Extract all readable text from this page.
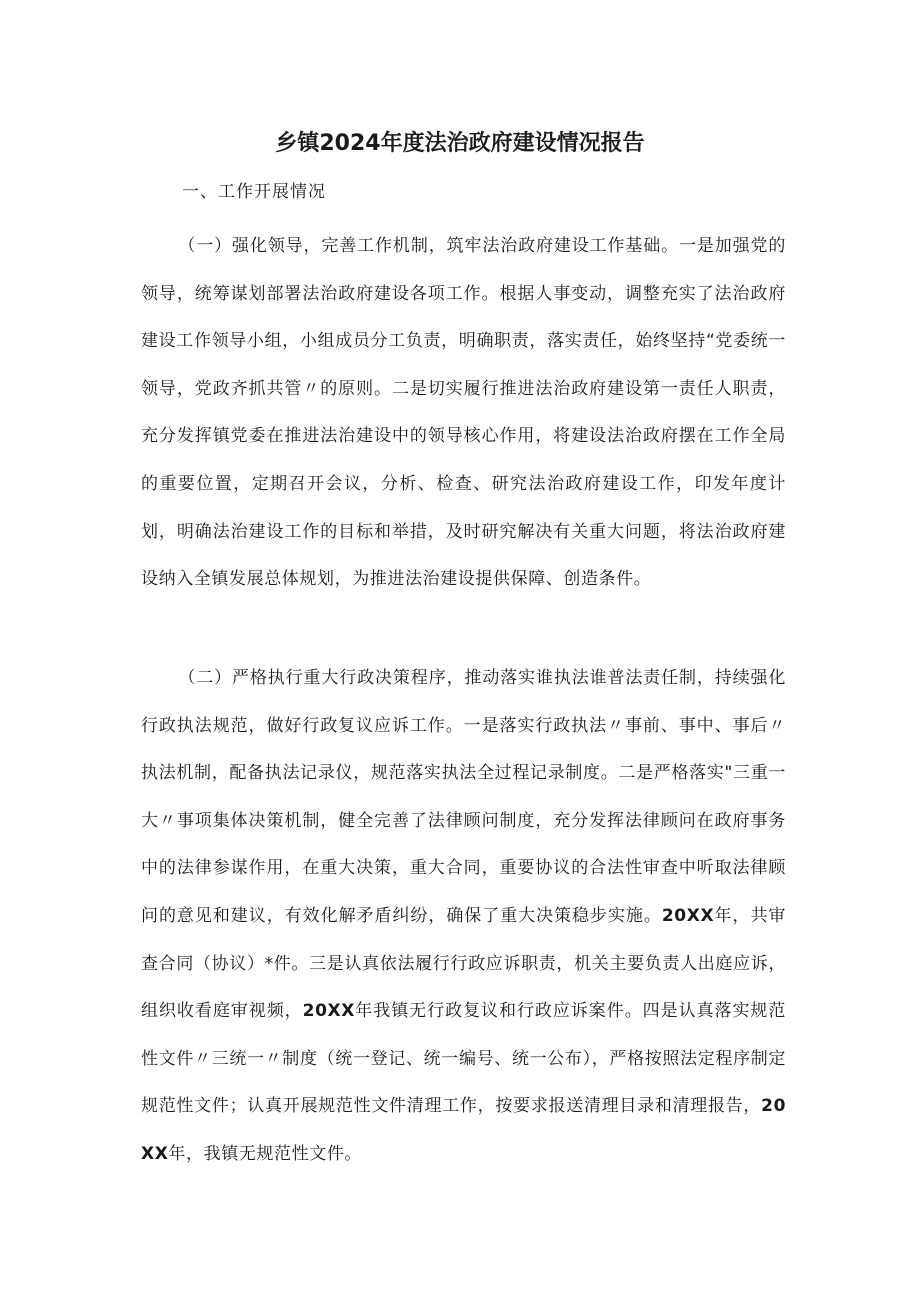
乡镇2024年度法治政府建设情况报告

一、工作开展情况

（一）强化领导，完善工作机制，筑牢法治政府建设工作基础。一是加强党的领导，统筹谋划部署法治政府建设各项工作。根据人事变动，调整充实了法治政府建设工作领导小组，小组成员分工负责，明确职责，落实责任，始终坚持“党委统一领导，党政齐抓共管〃的原则。二是切实履行推进法治政府建设第一责任人职责，充分发挥镇党委在推进法治建设中的领导核心作用，将建设法治政府摆在工作全局的重要位置，定期召开会议，分析、检查、研究法治政府建设工作，印发年度计划，明确法治建设工作的目标和举措，及时研究解决有关重大问题，将法治政府建设纳入全镇发展总体规划，为推进法治建设提供保障、创造条件。

（二）严格执行重大行政决策程序，推动落实谁执法谁普法责任制，持续强化行政执法规范，做好行政复议应诉工作。一是落实行政执法〃事前、事中、事后〃执法机制，配备执法记录仪，规范落实执法全过程记录制度。二是严格落实"三重一大〃事项集体决策机制，健全完善了法律顾问制度，充分发挥法律顾问在政府事务中的法律参谋作用，在重大决策，重大合同，重要协议的合法性审查中听取法律顾问的意见和建议，有效化解矛盾纠纷，确保了重大决策稳步实施。20XX年，共审查合同（协议）*件。三是认真依法履行行政应诉职责，机关主要负责人出庭应诉，组织收看庭审视频，20XX年我镇无行政复议和行政应诉案件。四是认真落实规范性文件〃三统一〃制度（统一登记、统一编号、统一公布），严格按照法定程序制定规范性文件；认真开展规范性文件清理工作，按要求报送清理目录和清理报告，20XX年，我镇无规范性文件。
